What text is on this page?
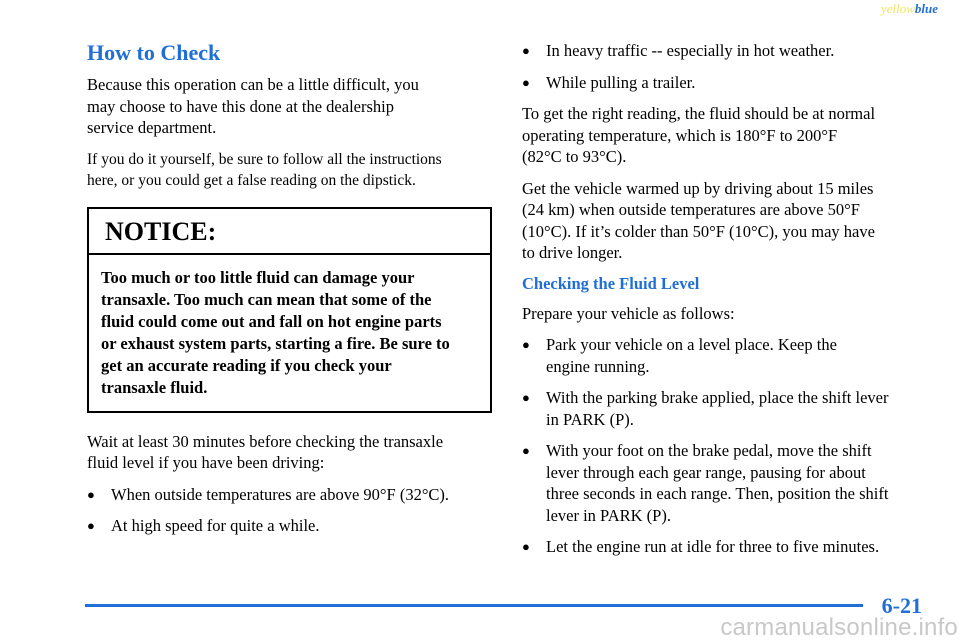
yellowblue
How to Check

Because this operation can be a little difficult, you
may choose to have this done at the dealership
service department.

If you do it yourself, be sure to follow all the instructions
here, or you could get a false reading on the dipstick.

NOTICE:
Too much or too little fluid can damage your
transaxle. Too much can mean that some of the
fluid could come out and fall on hot engine parts
or exhaust system parts, starting a fire. Be sure to
get an accurate reading if you check your
transaxle fluid.

Wait at least 30 minutes before checking the transaxle
fluid level if you have been driving:

● When outside temperatures are above 90°F (32°C).
● At high speed for quite a while.
● In heavy traffic -- especially in hot weather.
● While pulling a trailer.

To get the right reading, the fluid should be at normal
operating temperature, which is 180°F to 200°F
(82°C to 93°C).

Get the vehicle warmed up by driving about 15 miles
(24 km) when outside temperatures are above 50°F
(10°C). If it’s colder than 50°F (10°C), you may have
to drive longer.

Checking the Fluid Level

Prepare your vehicle as follows:

● Park your vehicle on a level place. Keep the
engine running.
● With the parking brake applied, place the shift lever
in PARK (P).
● With your foot on the brake pedal, move the shift
lever through each gear range, pausing for about
three seconds in each range. Then, position the shift
lever in PARK (P).
● Let the engine run at idle for three to five minutes.
6-21
carmanualsonline.info
